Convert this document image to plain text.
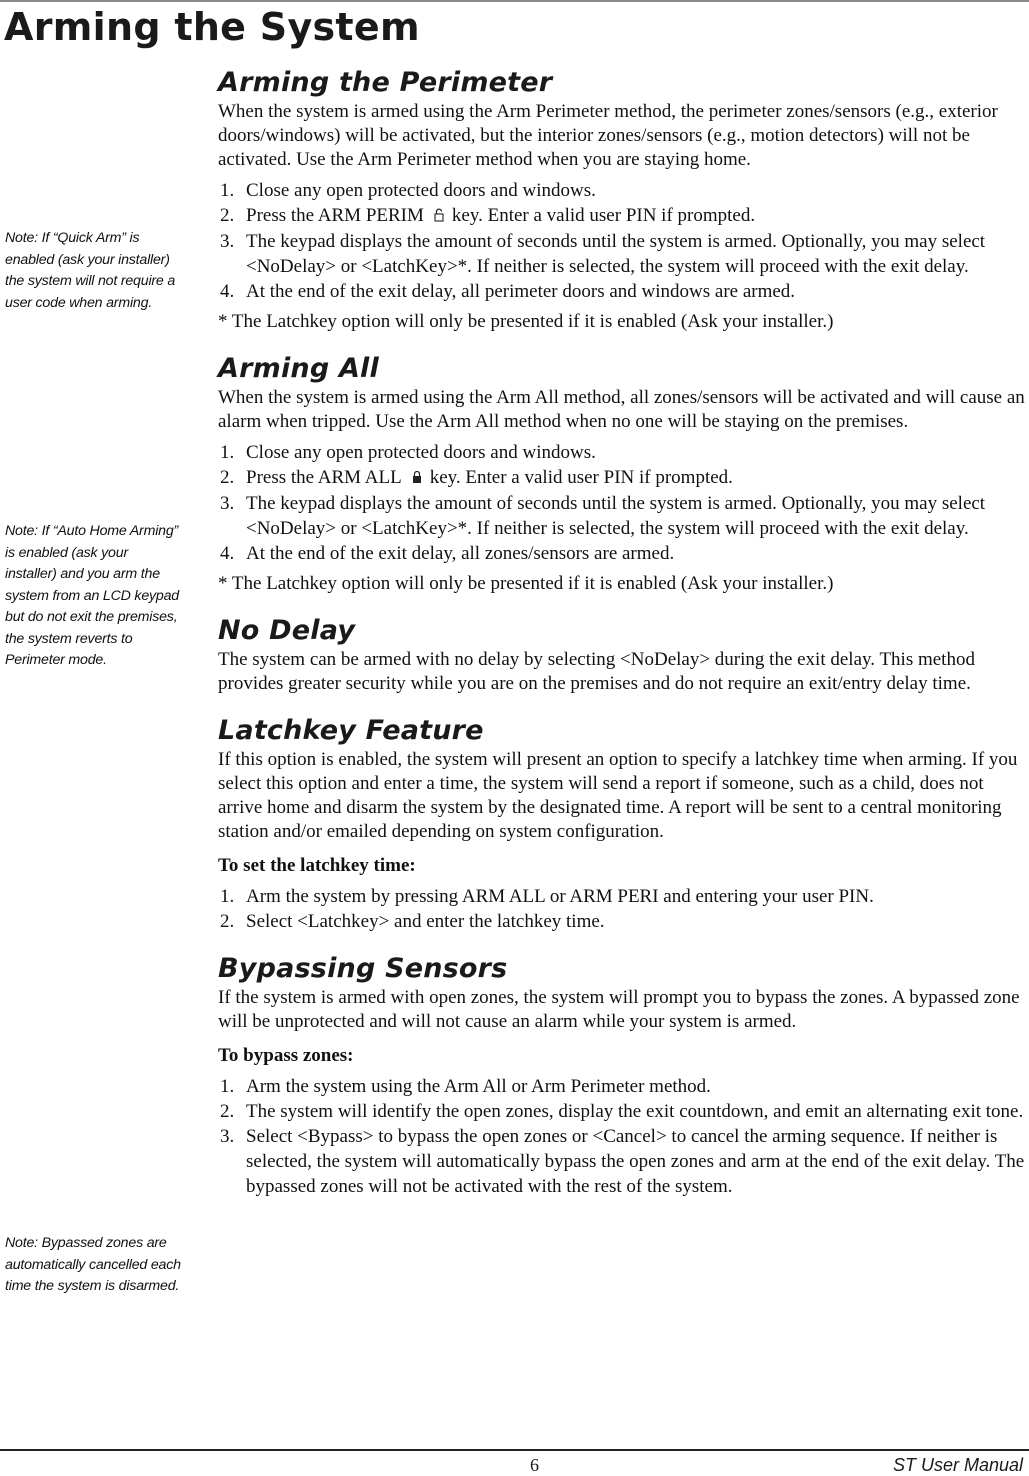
Arming the System
Note: If “Quick Arm” is enabled (ask your installer) the system will not require a user code when arming.
Note: If “Auto Home Arming” is enabled (ask your installer) and you arm the system from an LCD keypad but do not exit the premises, the system reverts to Perimeter mode.
Note: Bypassed zones are automatically cancelled each time the system is disarmed.
Arming the Perimeter

When the system is armed using the Arm Perimeter method, the perimeter zones/sensors (e.g., exterior doors/windows) will be activated, but the interior zones/sensors (e.g., motion detectors) will not be activated. Use the Arm Perimeter method when you are staying home.

1. Close any open protected doors and windows.
2. Press the ARM PERIM key. Enter a valid user PIN if prompted.
3. The keypad displays the amount of seconds until the system is armed. Optionally, you may select <NoDelay> or <LatchKey>*. If neither is selected, the system will proceed with the exit delay.
4. At the end of the exit delay, all perimeter doors and windows are armed.

* The Latchkey option will only be presented if it is enabled (Ask your installer.)

Arming All

When the system is armed using the Arm All method, all zones/sensors will be activated and will cause an alarm when tripped. Use the Arm All method when no one will be staying on the premises.

1. Close any open protected doors and windows.
2. Press the ARM ALL key. Enter a valid user PIN if prompted.
3. The keypad displays the amount of seconds until the system is armed. Optionally, you may select <NoDelay> or <LatchKey>*. If neither is selected, the system will proceed with the exit delay.
4. At the end of the exit delay, all zones/sensors are armed.

* The Latchkey option will only be presented if it is enabled (Ask your installer.)

No Delay

The system can be armed with no delay by selecting <NoDelay> during the exit delay. This method provides greater security while you are on the premises and do not require an exit/entry delay time.

Latchkey Feature

If this option is enabled, the system will present an option to specify a latchkey time when arming. If you select this option and enter a time, the system will send a report if someone, such as a child, does not arrive home and disarm the system by the designated time. A report will be sent to a central monitoring station and/or emailed depending on system configuration.

To set the latchkey time:

1. Arm the system by pressing ARM ALL or ARM PERI and entering your user PIN.
2. Select <Latchkey> and enter the latchkey time.
Bypassing Sensors

If the system is armed with open zones, the system will prompt you to bypass the zones. A bypassed zone will be unprotected and will not cause an alarm while your system is armed.

To bypass zones:

1. Arm the system using the Arm All or Arm Perimeter method.
2. The system will identify the open zones, display the exit countdown, and emit an alternating exit tone.
3. Select <Bypass> to bypass the open zones or <Cancel> to cancel the arming sequence. If neither is selected, the system will automatically bypass the open zones and arm at the end of the exit delay. The bypassed zones will not be activated with the rest of the system.
6	ST User Manual
